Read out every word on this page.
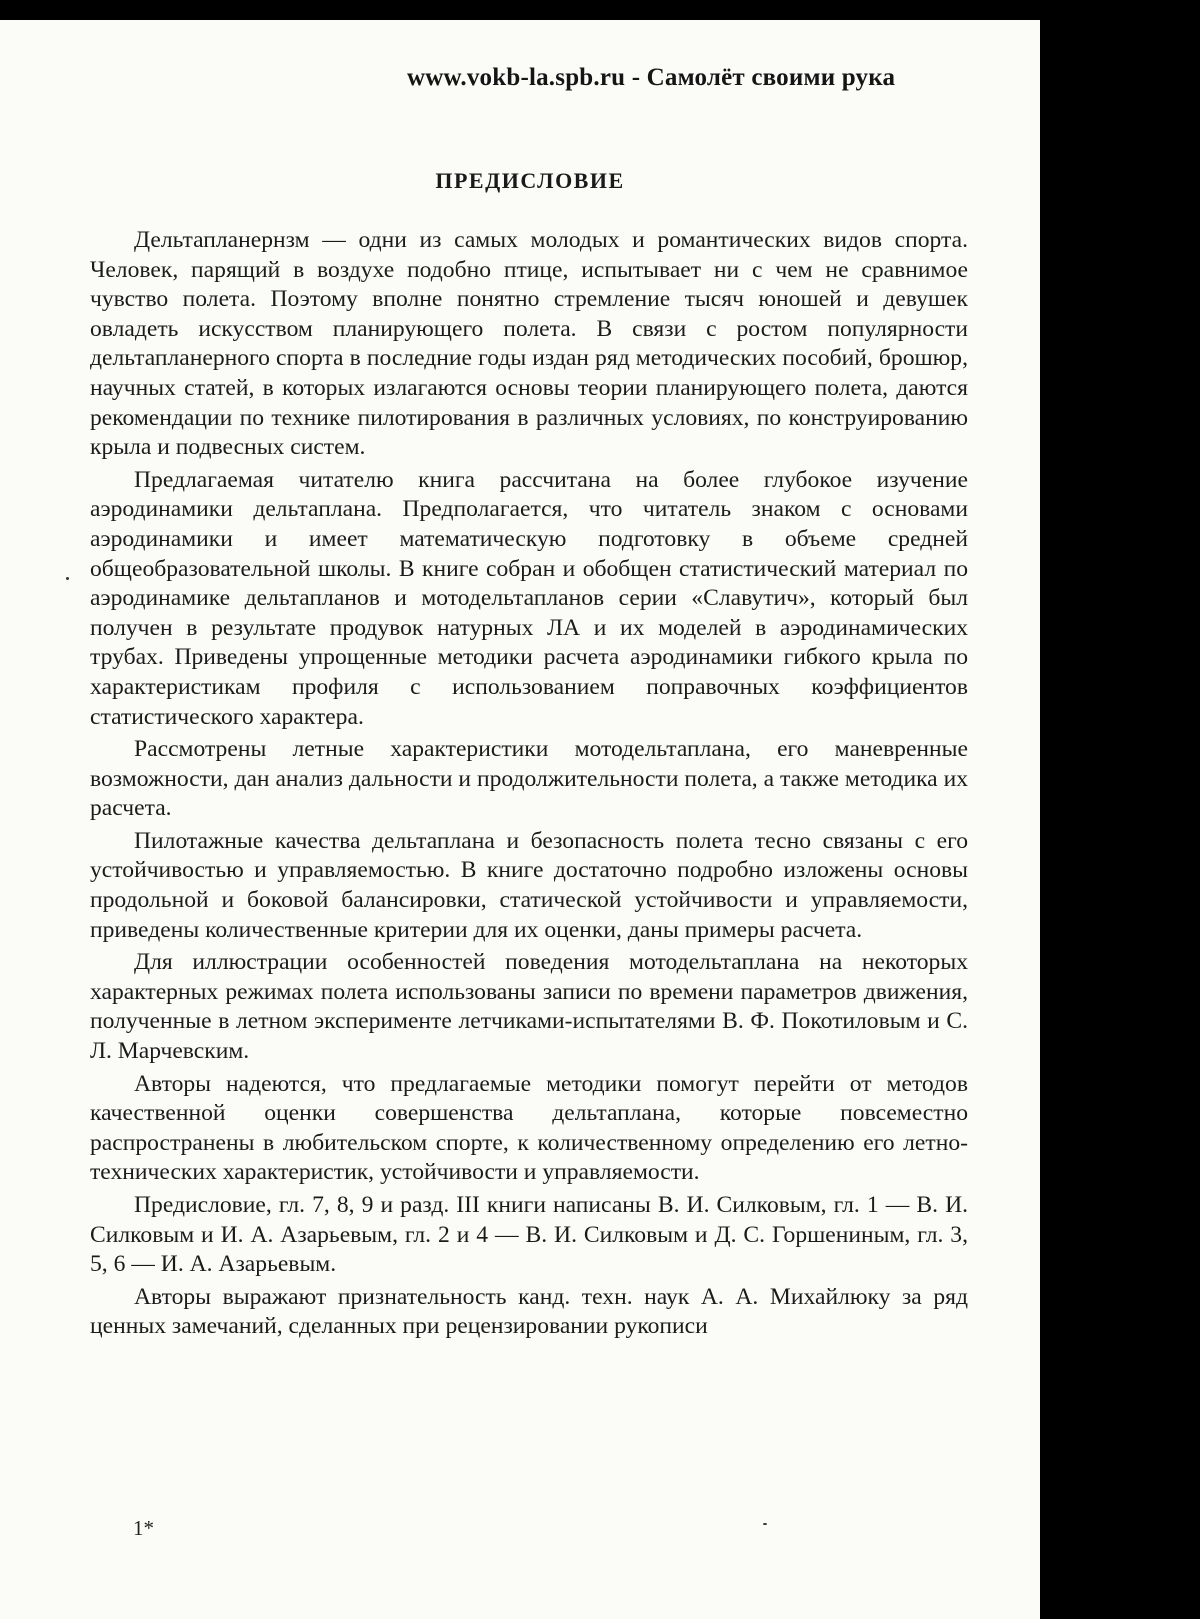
www.vokb-la.spb.ru - Самолёт своими рука
ПРЕДИСЛОВИЕ

Дельтапланернзм — одни из самых молодых и романтических видов спорта. Человек, парящий в воздухе подобно птице, испытывает ни с чем не сравнимое чувство полета. Поэтому вполне понятно стремление тысяч юношей и девушек овладеть искусством планирующего полета. В связи с ростом популярности дельтапланерного спорта в последние годы издан ряд методических пособий, брошюр, научных статей, в которых излагаются основы теории планирующего полета, даются рекомендации по технике пилотирования в различных условиях, по конструированию крыла и подвесных систем.

Предлагаемая читателю книга рассчитана на более глубокое изучение аэродинамики дельтаплана. Предполагается, что читатель знаком с основами аэродинамики и имеет математическую подготовку в объеме средней общеобразовательной школы. В книге собран и обобщен статистический материал по аэродинамике дельтапланов и мотодельтапланов серии «Славутич», который был получен в результате продувок натурных ЛА и их моделей в аэродинамических трубах. Приведены упрощенные методики расчета аэродинамики гибкого крыла по характеристикам профиля с использованием поправочных коэффициентов статистического характера.

Рассмотрены летные характеристики мотодельтаплана, его маневренные возможности, дан анализ дальности и продолжительности полета, а также методика их расчета.

Пилотажные качества дельтаплана и безопасность полета тесно связаны с его устойчивостью и управляемостью. В книге достаточно подробно изложены основы продольной и боковой балансировки, статической устойчивости и управляемости, приведены количественные критерии для их оценки, даны примеры расчета.

Для иллюстрации особенностей поведения мотодельтаплана на некоторых характерных режимах полета использованы записи по времени параметров движения, полученные в летном эксперименте летчиками-испытателями В. Ф. Покотиловым и С. Л. Марчевским.

Авторы надеются, что предлагаемые методики помогут перейти от методов качественной оценки совершенства дельтаплана, которые повсеместно распространены в любительском спорте, к количественному определению его летно-технических характеристик, устойчивости и управляемости.

Предисловие, гл. 7, 8, 9 и разд. III книги написаны В. И. Силковым, гл. 1 — В. И. Силковым и И. А. Азарьевым, гл. 2 и 4 — В. И. Силковым и Д. С. Горшениным, гл. 3, 5, 6 — И. А. Азарьевым.

Авторы выражают признательность канд. техн. наук А. А. Михайлюку за ряд ценных замечаний, сделанных при рецензировании рукописи

1*
